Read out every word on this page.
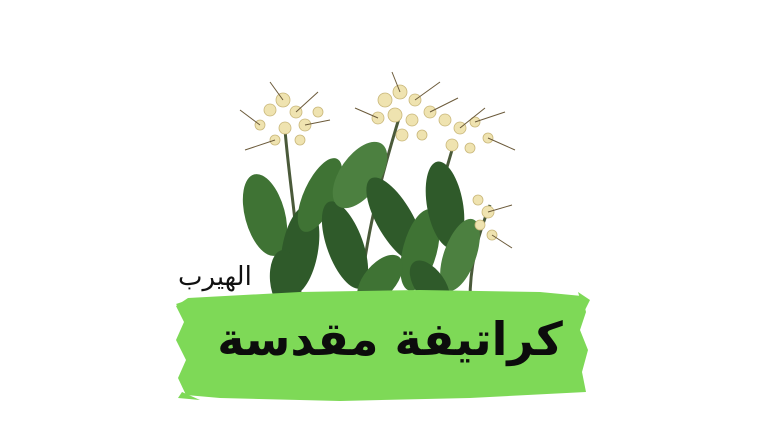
الهيرب
كراتيفة مقدسة
